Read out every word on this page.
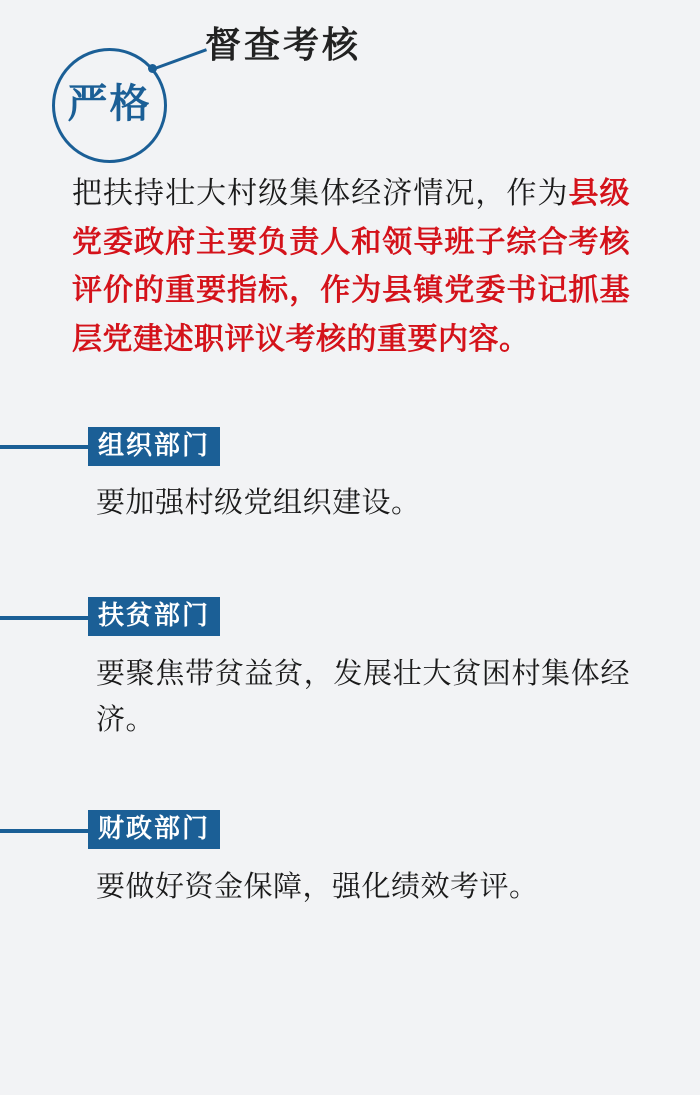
严格
督查考核
把扶持壮大村级集体经济情况，作为县级党委政府主要负责人和领导班子综合考核评价的重要指标，作为县镇党委书记抓基层党建述职评议考核的重要内容。
组织部门
要加强村级党组织建设。
扶贫部门
要聚焦带贫益贫，发展壮大贫困村集体经济。
财政部门
要做好资金保障，强化绩效考评。
